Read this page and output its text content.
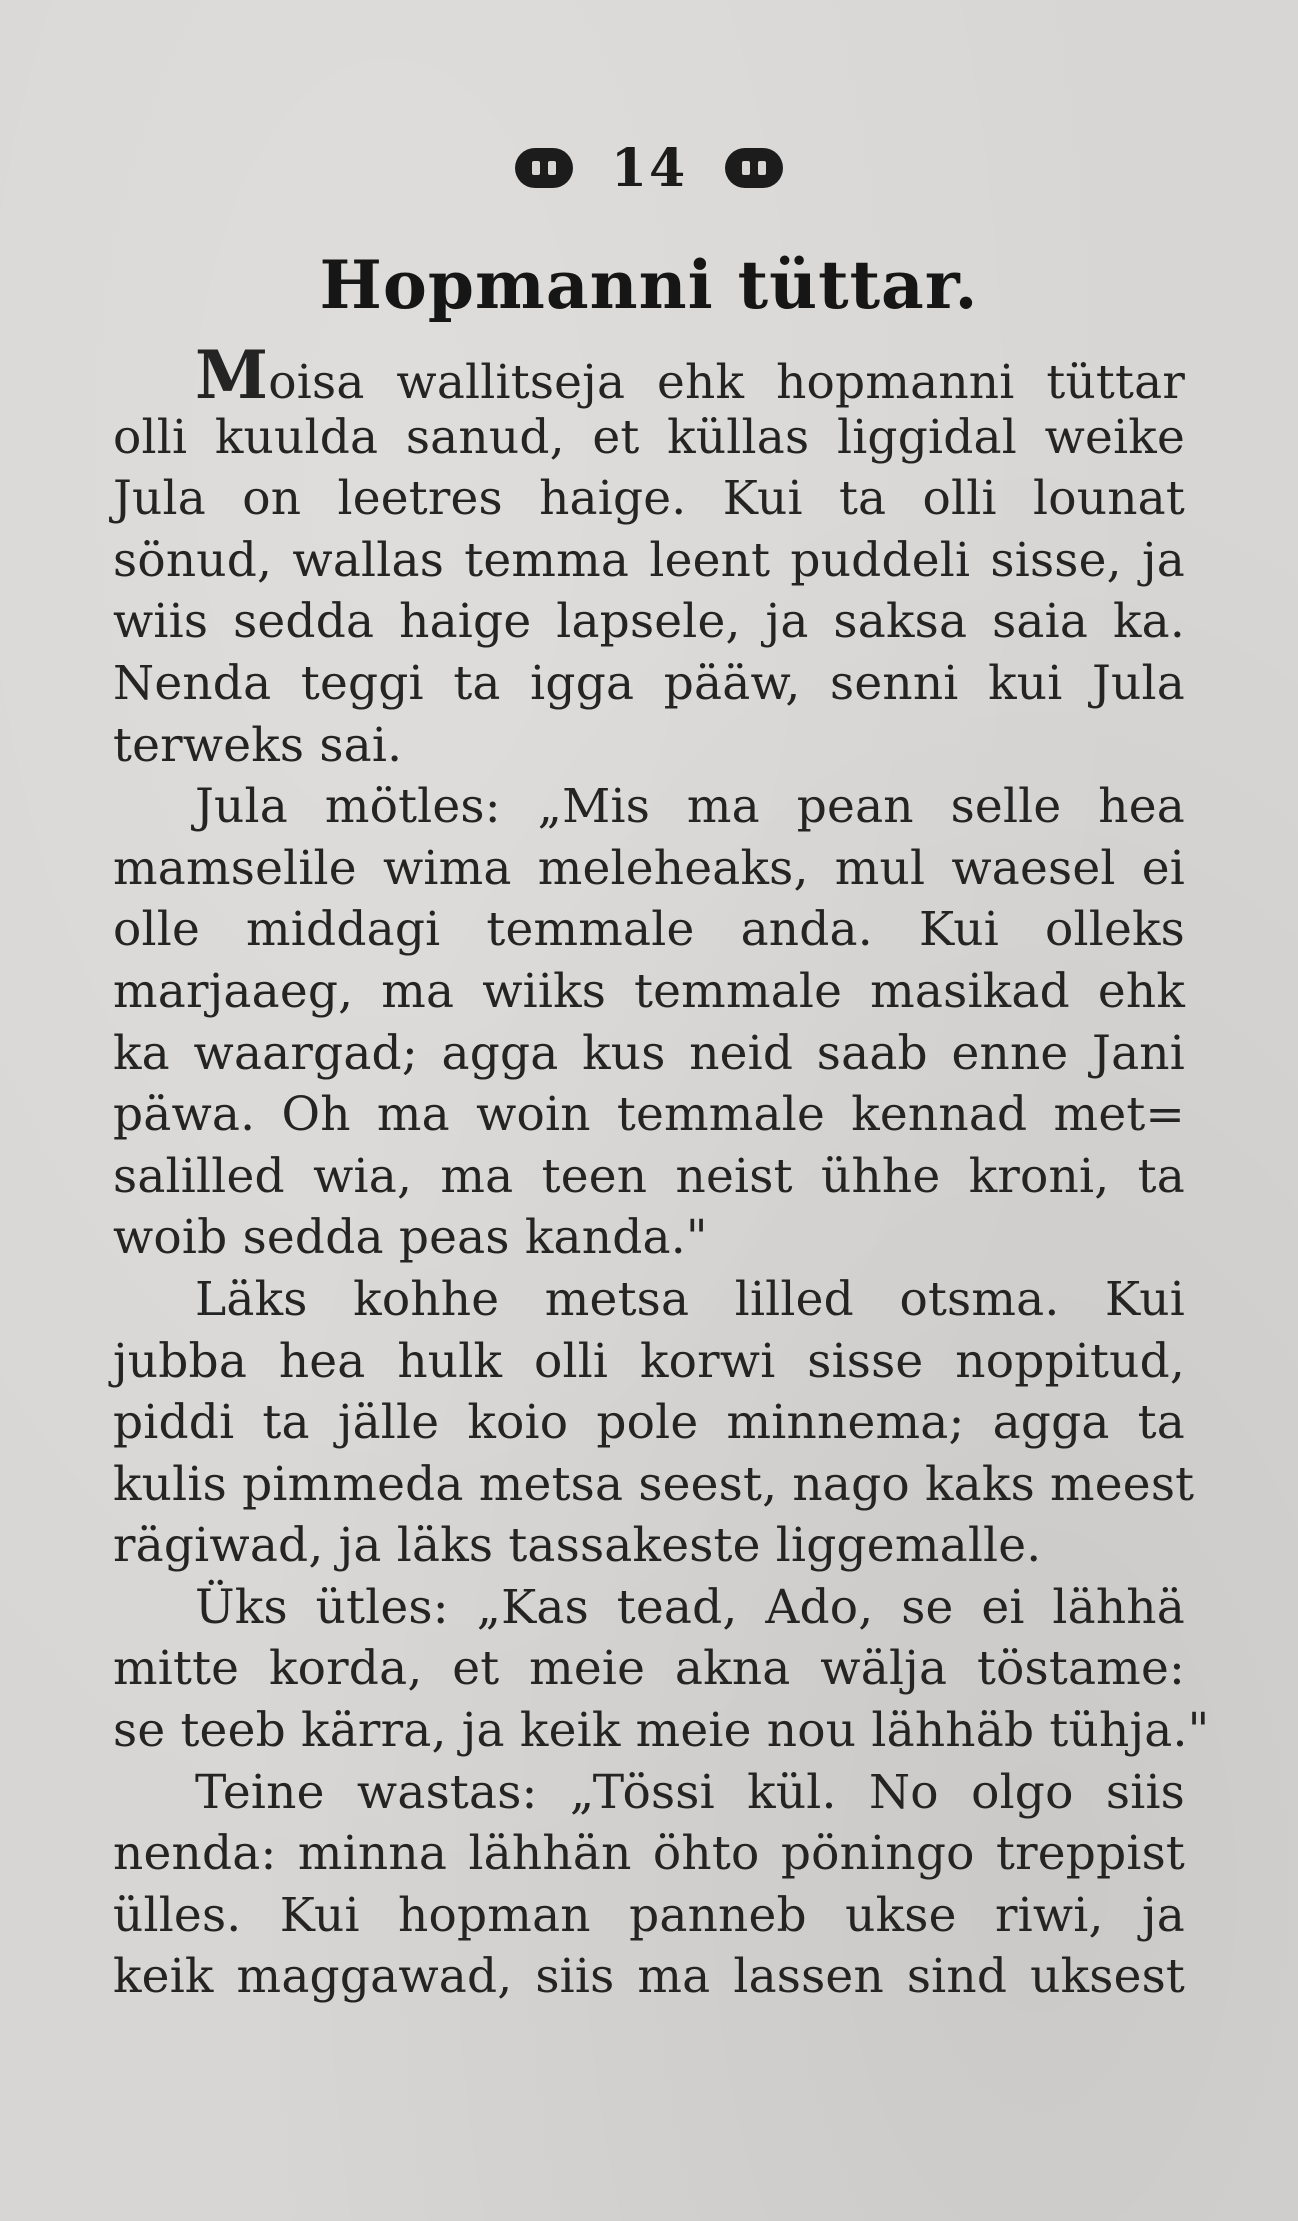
14
Hopmanni tüttar.
Moisa wallitseja ehk hopmanni tüttar
olli kuulda sanud, et küllas liggidal weike
Jula on leetres haige. Kui ta olli lounat
sönud, wallas temma leent puddeli sisse, ja
wiis sedda haige lapsele, ja saksa saia ka.
Nenda teggi ta igga pääw, senni kui Jula
terweks sai.
Jula mötles: „Mis ma pean selle hea
mamselile wima meleheaks, mul waesel ei
olle middagi temmale anda. Kui olleks
marjaaeg, ma wiiks temmale masikad ehk
ka waargad; agga kus neid saab enne Jani
päwa. Oh ma woin temmale kennad met=
salilled wia, ma teen neist ühhe kroni, ta
woib sedda peas kanda."
Läks kohhe metsa lilled otsma. Kui
jubba hea hulk olli korwi sisse noppitud,
piddi ta jälle koio pole minnema; agga ta
kulis pimmeda metsa seest, nago kaks meest
rägiwad, ja läks tassakeste liggemalle.
Üks ütles: „Kas tead, Ado, se ei lähhä
mitte korda, et meie akna wälja töstame:
se teeb kärra, ja keik meie nou lähhäb tühja."
Teine wastas: „Tössi kül. No olgo siis
nenda: minna lähhän öhto pöningo treppist
ülles. Kui hopman panneb ukse riwi, ja
keik maggawad, siis ma lassen sind uksest
